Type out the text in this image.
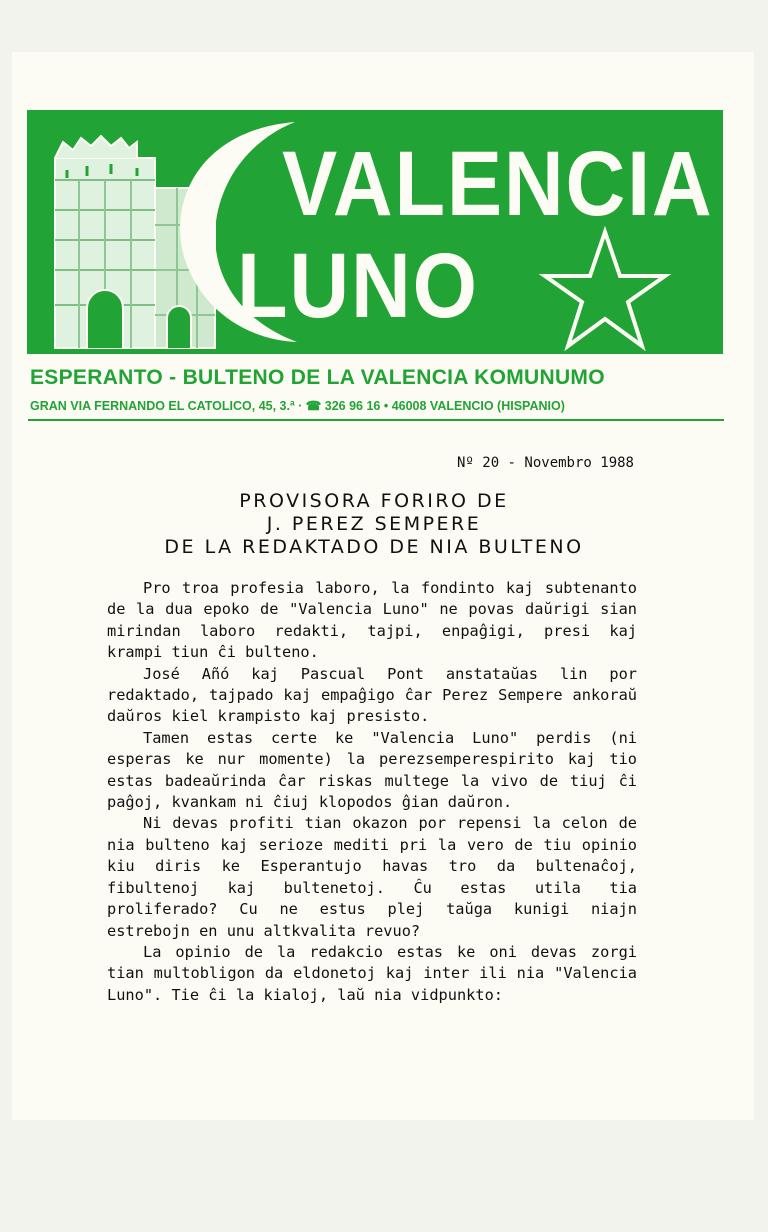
VALENCIA
LUNO
ESPERANTO - BULTENO DE LA VALENCIA KOMUNUMO
GRAN VIA FERNANDO EL CATOLICO, 45, 3.ª · ☎ 326 96 16 • 46008 VALENCIO (HISPANIO)
Nº 20 - Novembro 1988
PROVISORA FORIRO DE
J. PEREZ SEMPERE
DE LA REDAKTADO DE NIA BULTENO

Pro troa profesia laboro, la fondinto kaj subtenanto de la dua epoko de "Valencia Luno" ne povas daŭrigi sian mirindan laboro redakti, tajpi, enpaĝigi, presi kaj krampi tiun ĉi bulteno.

José Añó kaj Pascual Pont anstataŭas lin por redaktado, tajpado kaj empaĝigo ĉar Perez Sempere ankoraŭ daŭros kiel krampisto kaj presisto.

Tamen estas certe ke "Valencia Luno" perdis (ni esperas ke nur momente) la perezsemperespirito kaj tio estas badeaŭrinda ĉar riskas multege la vivo de tiuj ĉi paĝoj, kvankam ni ĉiuj klopodos ĝian daŭron.

Ni devas profiti tian okazon por repensi la celon de nia bulteno kaj serioze mediti pri la vero de tiu opinio kiu diris ke Esperantujo havas tro da bultenaĉoj, fibultenoj kaj bultenetoj. Ĉu estas utila tia proliferado? Cu ne estus plej taŭga kunigi niajn estrebojn en unu altkvalita revuo?

La opinio de la redakcio estas ke oni devas zorgi tian multobligon da eldonetoj kaj inter ili nia "Valencia Luno". Tie ĉi la kialoj, laŭ nia vidpunkto:
